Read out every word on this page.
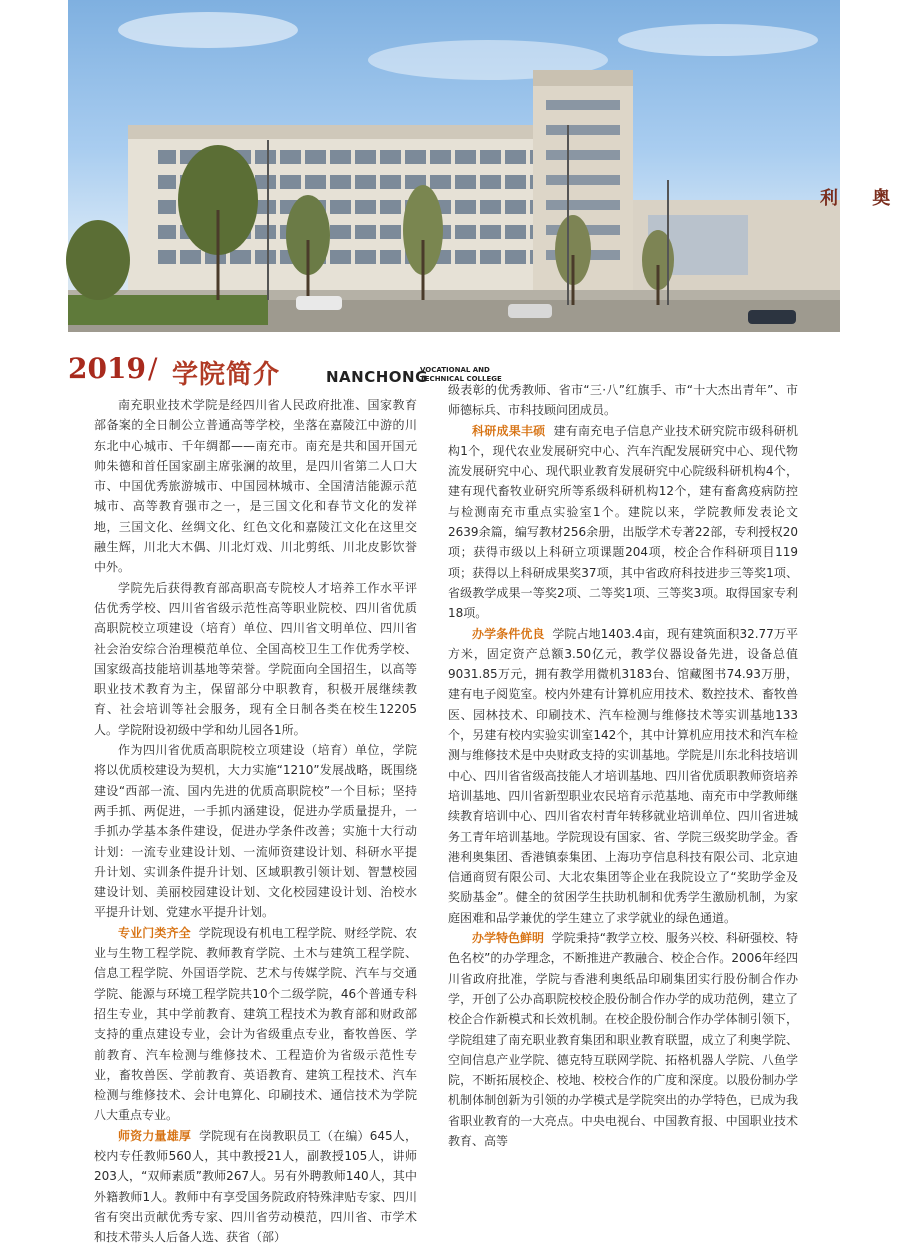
利 奥
2019 / 学院简介	NANCHONG
VOCATIONAL AND TECHNICAL COLLEGE

南充职业技术学院是经四川省人民政府批准、国家教育部备案的全日制公立普通高等学校，坐落在嘉陵江中游的川东北中心城市、千年绸都——南充市。南充是共和国开国元帅朱德和首任国家副主席张澜的故里，是四川省第二人口大市、中国优秀旅游城市、中国园林城市、全国清洁能源示范城市、高等教育强市之一，是三国文化和春节文化的发祥地，三国文化、丝绸文化、红色文化和嘉陵江文化在这里交融生辉，川北大木偶、川北灯戏、川北剪纸、川北皮影饮誉中外。

学院先后获得教育部高职高专院校人才培养工作水平评估优秀学校、四川省省级示范性高等职业院校、四川省优质高职院校立项建设（培育）单位、四川省文明单位、四川省社会治安综合治理模范单位、全国高校卫生工作优秀学校、国家级高技能培训基地等荣誉。学院面向全国招生，以高等职业技术教育为主，保留部分中职教育，积极开展继续教育、社会培训等社会服务，现有全日制各类在校生12205人。学院附设初级中学和幼儿园各1所。

作为四川省优质高职院校立项建设（培育）单位，学院将以优质校建设为契机，大力实施“1210”发展战略，既围绕建设“西部一流、国内先进的优质高职院校”一个目标；坚持两手抓、两促进，一手抓内涵建设，促进办学质量提升，一手抓办学基本条件建设，促进办学条件改善；实施十大行动计划：一流专业建设计划、一流师资建设计划、科研水平提升计划、实训条件提升计划、区域职教引领计划、智慧校园建设计划、美丽校园建设计划、文化校园建设计划、治校水平提升计划、党建水平提升计划。

专业门类齐全 学院现设有机电工程学院、财经学院、农业与生物工程学院、教师教育学院、土木与建筑工程学院、信息工程学院、外国语学院、艺术与传媒学院、汽车与交通学院、能源与环境工程学院共10个二级学院，46个普通专科招生专业，其中学前教育、建筑工程技术为教育部和财政部支持的重点建设专业，会计为省级重点专业，畜牧兽医、学前教育、汽车检测与维修技术、工程造价为省级示范性专业，畜牧兽医、学前教育、英语教育、建筑工程技术、汽车检测与维修技术、会计电算化、印刷技术、通信技术为学院八大重点专业。

师资力量雄厚 学院现有在岗教职员工（在编）645人，校内专任教师560人，其中教授21人，副教授105人，讲师203人，“双师素质”教师267人。另有外聘教师140人，其中外籍教师1人。教师中有享受国务院政府特殊津贴专家、四川省有突出贡献优秀专家、四川省劳动模范，四川省、市学术和技术带头人后备人选、获省（部）

级表彰的优秀教师、省市“三·八”红旗手、市“十大杰出青年”、市师德标兵、市科技顾问团成员。

科研成果丰硕 建有南充电子信息产业技术研究院市级科研机构1个，现代农业发展研究中心、汽车汽配发展研究中心、现代物流发展研究中心、现代职业教育发展研究中心院级科研机构4个，建有现代畜牧业研究所等系级科研机构12个，建有畜禽疫病防控与检测南充市重点实验室1个。建院以来，学院教师发表论文2639余篇，编写教材256余册，出版学术专著22部，专利授权20项；获得市级以上科研立项课题204项，校企合作科研项目119项；获得以上科研成果奖37项，其中省政府科技进步三等奖1项、省级教学成果一等奖2项、二等奖1项、三等奖3项。取得国家专利18项。

办学条件优良 学院占地1403.4亩，现有建筑面积32.77万平方米，固定资产总额3.50亿元，教学仪器设备先进，设备总值9031.85万元，拥有教学用微机3183台、馆藏图书74.93万册，建有电子阅览室。校内外建有计算机应用技术、数控技术、畜牧兽医、园林技术、印刷技术、汽车检测与维修技术等实训基地133个，另建有校内实验实训室142个，其中计算机应用技术和汽车检测与维修技术是中央财政支持的实训基地。学院是川东北科技培训中心、四川省省级高技能人才培训基地、四川省优质职教师资培养培训基地、四川省新型职业农民培育示范基地、南充市中学教师继续教育培训中心、四川省农村青年转移就业培训单位、四川省进城务工青年培训基地。学院现设有国家、省、学院三级奖助学金。香港利奥集团、香港镇泰集团、上海功亨信息科技有限公司、北京迪信通商贸有限公司、大北农集团等企业在我院设立了“奖助学金及奖励基金”。健全的贫困学生扶助机制和优秀学生激励机制，为家庭困难和品学兼优的学生建立了求学就业的绿色通道。

办学特色鲜明 学院秉持“教学立校、服务兴校、科研强校、特色名校”的办学理念，不断推进产教融合、校企合作。2006年经四川省政府批准，学院与香港利奥纸品印刷集团实行股份制合作办学，开创了公办高职院校校企股份制合作办学的成功范例，建立了校企合作新模式和长效机制。在校企股份制合作办学体制引领下，学院组建了南充职业教育集团和职业教育联盟，成立了利奥学院、空间信息产业学院、德克特互联网学院、拓格机器人学院、八鱼学院，不断拓展校企、校地、校校合作的广度和深度。以股份制办学机制体制创新为引领的办学模式是学院突出的办学特色，已成为我省职业教育的一大亮点。中央电视台、中国教育报、中国职业技术教育、高等
